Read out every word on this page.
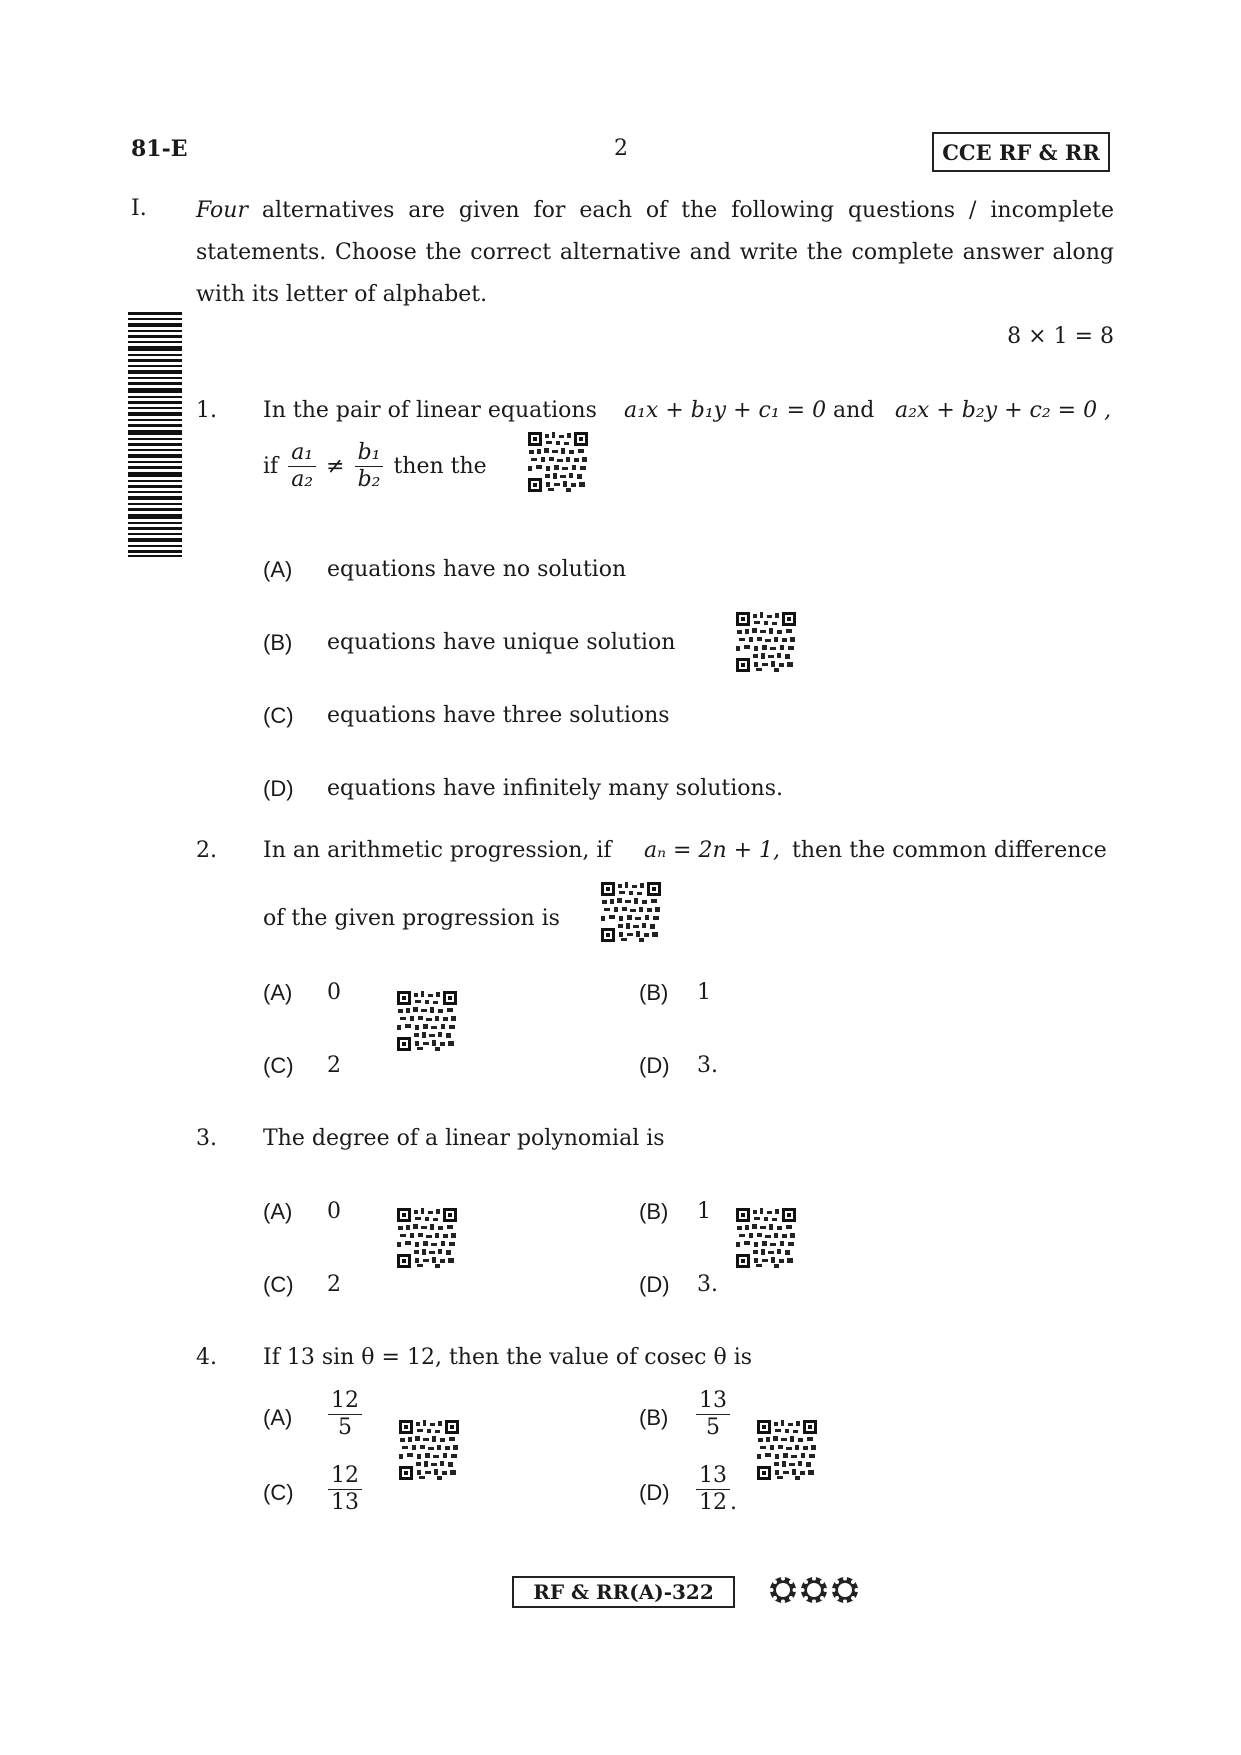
81-E	2	CCE RF & RR
I. Four alternatives are given for each of the following questions / incomplete statements. Choose the correct alternative and write the complete answer along with its letter of alphabet.

8 × 1 = 8
1. In the pair of linear equations a₁x + b₁y + c₁ = 0 and a₂x + b₂y + c₂ = 0 ,
if $\frac{\text{a₁}}{\text{a₂}} \ne \frac{\text{b₁}}{\text{b₂}}$ then the
(A) equations have no solution
(B) equations have unique solution
(C) equations have three solutions
(D) equations have infinitely many solutions.
2. In an arithmetic progression, if aₙ = 2n + 1, then the common difference
of the given progression is
(A) 0	(B) 1
(C) 2	(D) 3.
3. The degree of a linear polynomial is
(A) 0	(B) 1
(C) 2	(D) 3.
4. If 13 sin θ = 12, then the value of cosec θ is
$(A) \frac{12}{5}$	$(B) \frac{13}{5}$
$(C) \frac{12}{13}$	$(D) \frac{13}{12}$ .
RF & RR(A)-322
